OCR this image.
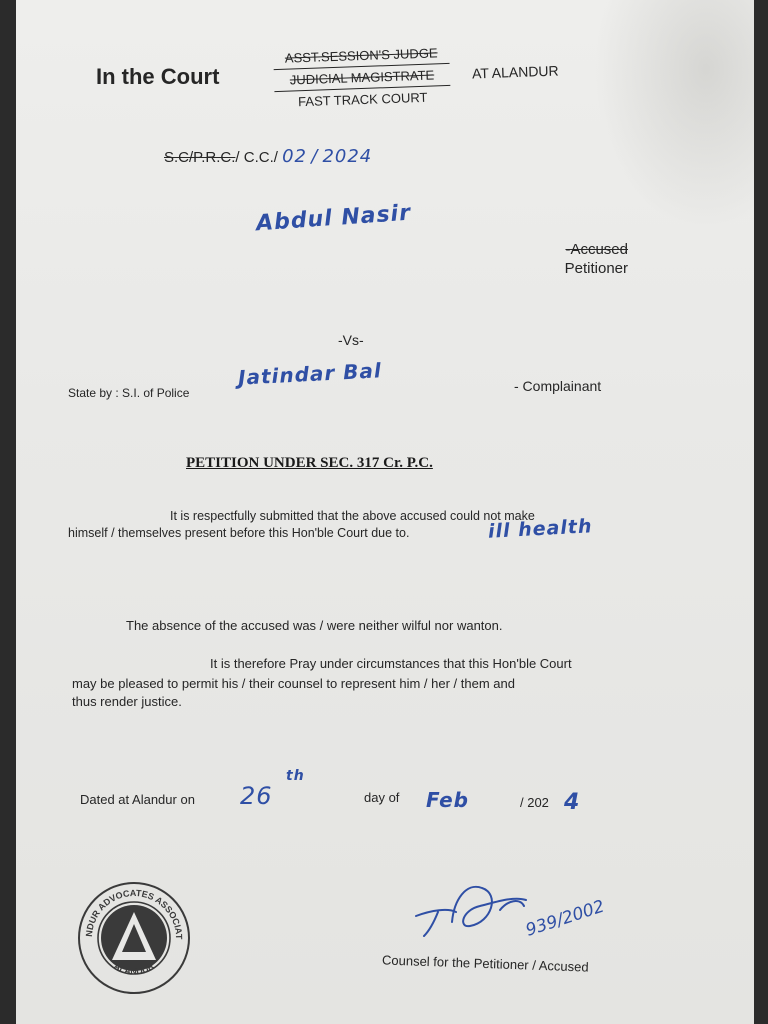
In the Court
ASST.SESSION'S JUDGE
JUDICIAL MAGISTRATE
FAST TRACK COURT
AT ALANDUR
S.C/P.R.C./ C.C./ 02 / 2024
Abdul Nasir
-Accused
Petitioner
-Vs-
State by : S.I. of Police
Jatindar Bal	- Complainant
PETITION UNDER SEC. 317 Cr. P.C.
It is respectfully submitted that the above accused could not make
himself / themselves present before this Hon'ble Court due to.	ill health
The absence of the accused was / were neither wilful nor wanton.
It is therefore Pray under circumstances that this Hon'ble Court
may be pleased to permit his / their counsel to represent him / her / them and
thus render justice.
Dated at Alandur on 26
th
day of Feb	/ 202 4
NDUR ADVOCATES ASSOCIAT
ALANDUR
939/2002
Counsel for the Petitioner / Accused
